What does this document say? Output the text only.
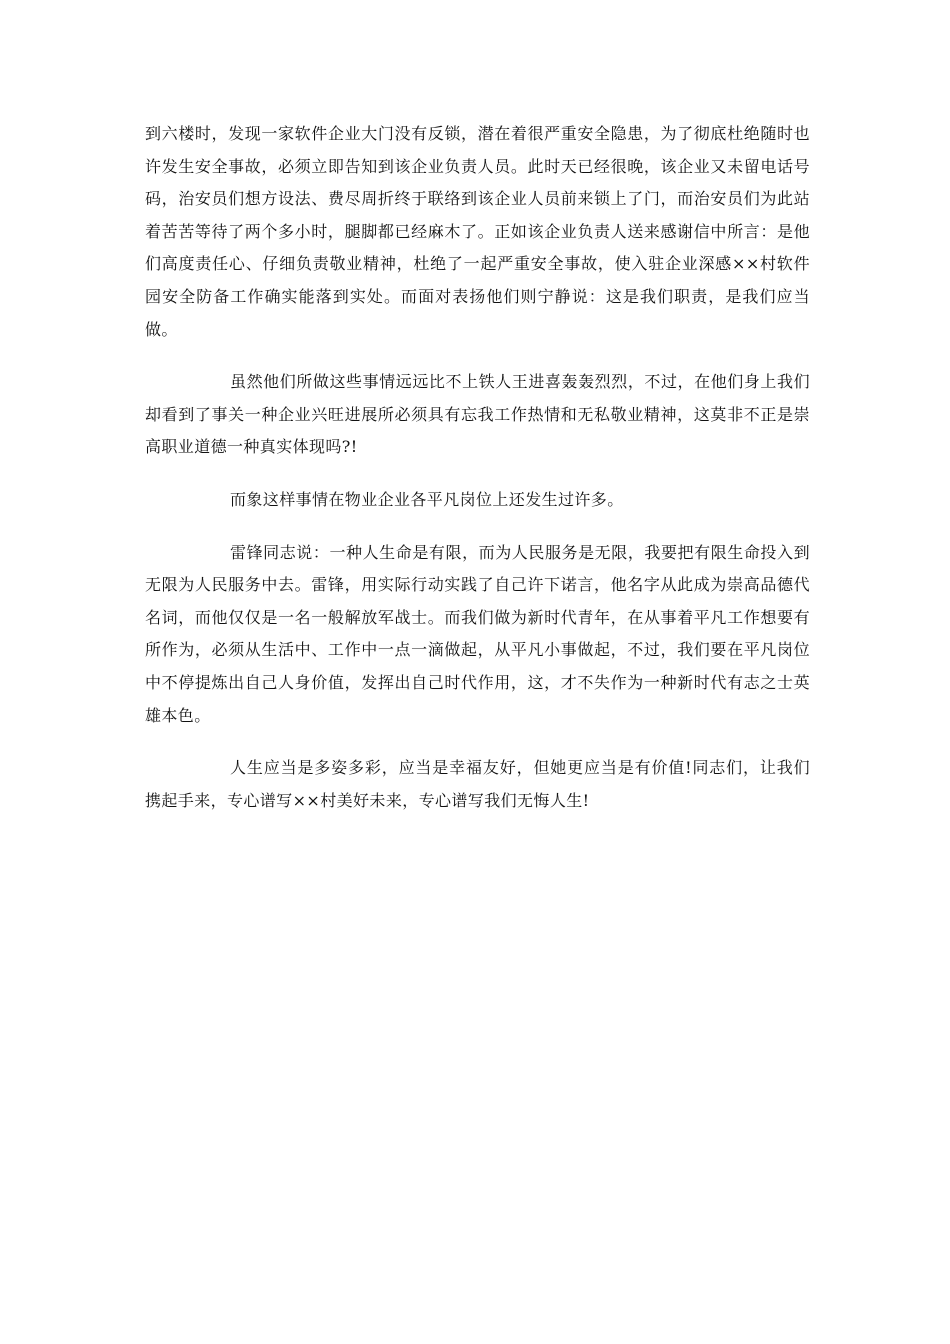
到六楼时，发现一家软件企业大门没有反锁，潜在着很严重安全隐患，为了彻底杜绝随时也许发生安全事故，必须立即告知到该企业负责人员。此时天已经很晚，该企业又未留电话号码，治安员们想方设法、费尽周折终于联络到该企业人员前来锁上了门，而治安员们为此站着苦苦等待了两个多小时，腿脚都已经麻木了。正如该企业负责人送来感谢信中所言：是他们高度责任心、仔细负责敬业精神，杜绝了一起严重安全事故，使入驻企业深感××村软件园安全防备工作确实能落到实处。而面对表扬他们则宁静说：这是我们职责，是我们应当做。

虽然他们所做这些事情远远比不上铁人王进喜轰轰烈烈，不过，在他们身上我们却看到了事关一种企业兴旺进展所必须具有忘我工作热情和无私敬业精神，这莫非不正是崇高职业道德一种真实体现吗?!

而象这样事情在物业企业各平凡岗位上还发生过许多。

雷锋同志说：一种人生命是有限，而为人民服务是无限，我要把有限生命投入到无限为人民服务中去。雷锋，用实际行动实践了自己许下诺言，他名字从此成为崇高品德代名词，而他仅仅是一名一般解放军战士。而我们做为新时代青年，在从事着平凡工作想要有所作为，必须从生活中、工作中一点一滴做起，从平凡小事做起，不过，我们要在平凡岗位中不停提炼出自己人身价值，发挥出自己时代作用，这，才不失作为一种新时代有志之士英雄本色。

人生应当是多姿多彩，应当是幸福友好，但她更应当是有价值!同志们，让我们携起手来，专心谱写××村美好未来，专心谱写我们无悔人生!
